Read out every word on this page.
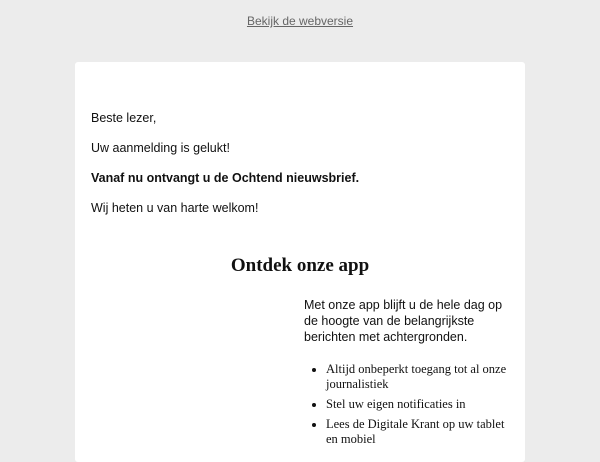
Bekijk de webversie

Beste lezer,

Uw aanmelding is gelukt!

Vanaf nu ontvangt u de Ochtend nieuwsbrief.

Wij heten u van harte welkom!

Ontdek onze app

Met onze app blijft u de hele dag op de hoogte van de belangrijkste berichten met achtergronden.

• Altijd onbeperkt toegang tot al onze journalistiek
• Stel uw eigen notificaties in
• Lees de Digitale Krant op uw tablet en mobiel
